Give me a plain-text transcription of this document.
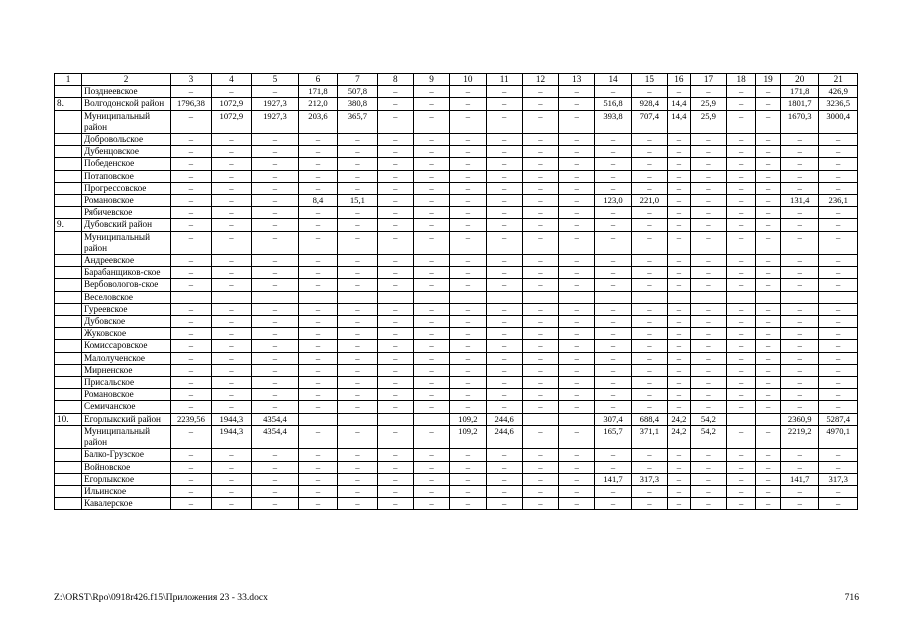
1	2	3	4	5	6	7	8	9	10	11	12	13	14	15	16	17	18	19	20	21
	Позднеевское	–	–	–	171,8	507,8	–	–	–	–	–	–	–	–	–	–	–	–	171,8	426,9
8.	Волгодонской район	1796,38	1072,9	1927,3	212,0	380,8	–	–	–	–	–	–	516,8	928,4	14,4	25,9	–	–	1801,7	3236,5
	Муниципальный район	–	1072,9	1927,3	203,6	365,7	–	–	–	–	–	–	393,8	707,4	14,4	25,9	–	–	1670,3	3000,4
	Добровольское	–	–	–	–	–	–	–	–	–	–	–	–	–	–	–	–	–	–	–
	Дубенцовское	–	–	–	–	–	–	–	–	–	–	–	–	–	–	–	–	–	–	–
	Победенское	–	–	–	–	–	–	–	–	–	–	–	–	–	–	–	–	–	–	–
	Потаповское	–	–	–	–	–	–	–	–	–	–	–	–	–	–	–	–	–	–	–
	Прогрессовское	–	–	–	–	–	–	–	–	–	–	–	–	–	–	–	–	–	–	–
	Романовское	–	–	–	8,4	15,1	–	–	–	–	–	–	123,0	221,0	–	–	–	–	131,4	236,1
	Рябичевское	–	–	–	–	–	–	–	–	–	–	–	–	–	–	–	–	–	–	–
9.	Дубовский район	–	–	–	–	–	–	–	–	–	–	–	–	–	–	–	–	–	–	–
	Муниципальный район	–	–	–	–	–	–	–	–	–	–	–	–	–	–	–	–	–	–	–
	Андреевское	–	–	–	–	–	–	–	–	–	–	–	–	–	–	–	–	–	–	–
	Барабанщиков-ское	–	–	–	–	–	–	–	–	–	–	–	–	–	–	–	–	–	–	–
	Вербовологов-ское	–	–	–	–	–	–	–	–	–	–	–	–	–	–	–	–	–	–	–
	Веселовское																			
	Гуреевское	–	–	–	–	–	–	–	–	–	–	–	–	–	–	–	–	–	–	–
	Дубовское	–	–	–	–	–	–	–	–	–	–	–	–	–	–	–	–	–	–	–
	Жуковское	–	–	–	–	–	–	–	–	–	–	–	–	–	–	–	–	–	–	–
	Комиссаровское	–	–	–	–	–	–	–	–	–	–	–	–	–	–	–	–	–	–	–
	Малолученское	–	–	–	–	–	–	–	–	–	–	–	–	–	–	–	–	–	–	–
	Мирненское	–	–	–	–	–	–	–	–	–	–	–	–	–	–	–	–	–	–	–
	Присальское	–	–	–	–	–	–	–	–	–	–	–	–	–	–	–	–	–	–	–
	Романовское	–	–	–	–	–	–	–	–	–	–	–	–	–	–	–	–	–	–	–
	Семичанское	–	–	–	–	–	–	–	–	–	–	–	–	–	–	–	–	–	–	–
10.	Егорлыкский район	2239,56	1944,3	4354,4					109,2	244,6			307,4	688,4	24,2	54,2			2360,9	5287,4
	Муниципальный район	–	1944,3	4354,4	–	–	–	–	109,2	244,6	–	–	165,7	371,1	24,2	54,2	–	–	2219,2	4970,1
	Балко-Грузское	–	–	–	–	–	–	–	–	–	–	–	–	–	–	–	–	–	–	–
	Войновское	–	–	–	–	–	–	–	–	–	–	–	–	–	–	–	–	–	–	–
	Егорлыкское	–	–	–	–	–	–	–	–	–	–	–	141,7	317,3	–	–	–	–	141,7	317,3
	Ильинское	–	–	–	–	–	–	–	–	–	–	–	–	–	–	–	–	–	–	–
	Кавалерское	–	–	–	–	–	–	–	–	–	–	–	–	–	–	–	–	–	–	–
Z:\ORST\Rpo\0918r426.f15\Приложения 23 - 33.docx	716
